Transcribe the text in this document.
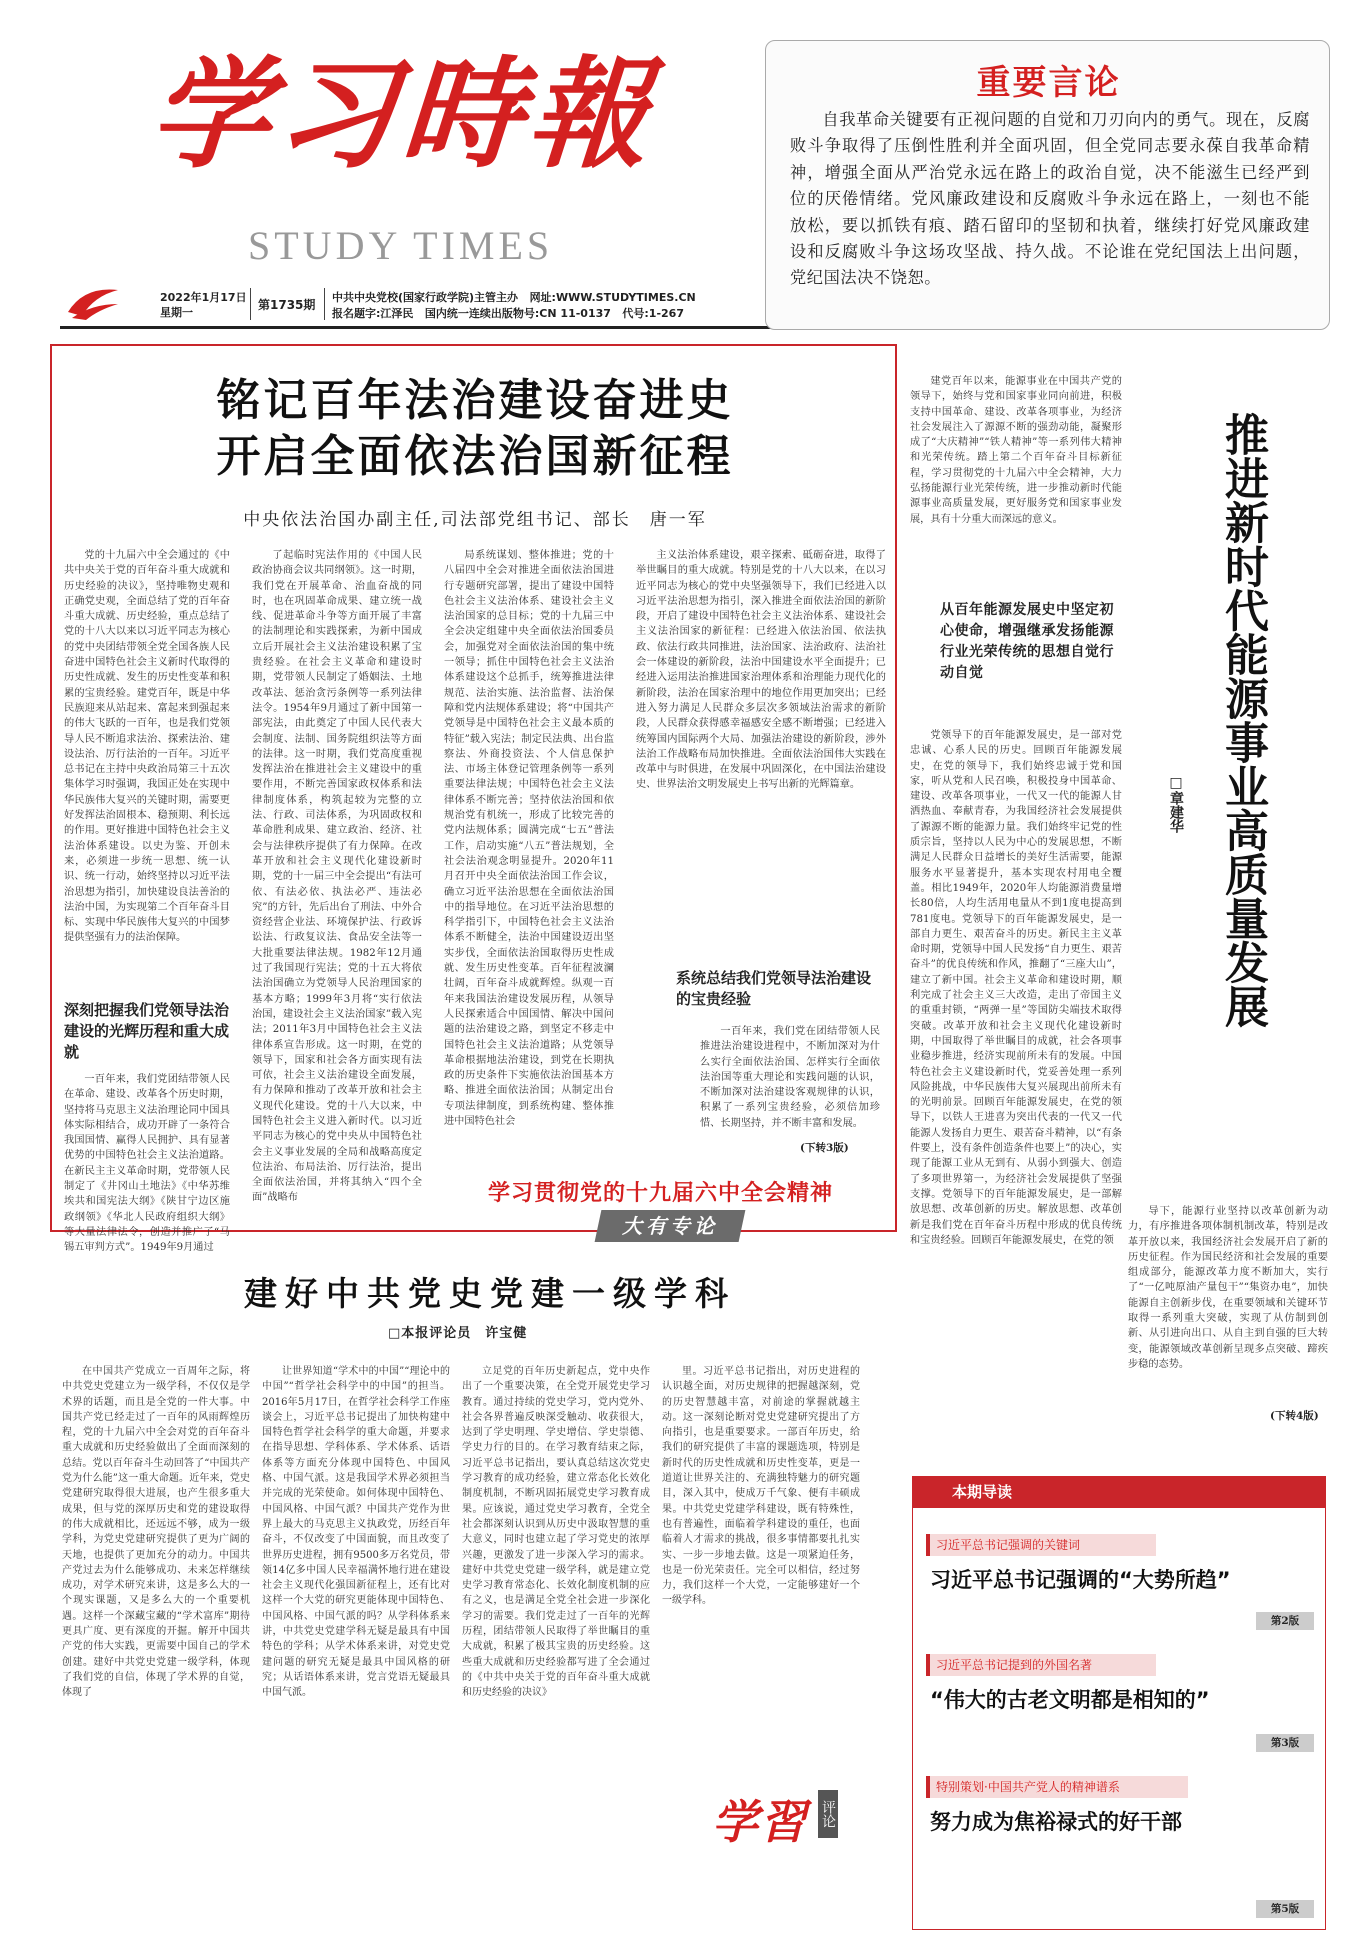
学习時報
STUDY TIMES
2022年1月17日
星期一
第1735期
中共中央党校(国家行政学院)主管主办 网址:WWW.STUDYTIMES.CN
报名题字:江泽民 国内统一连续出版物号:CN 11-0137 代号:1-267
重要言论
自我革命关键要有正视问题的自觉和刀刃向内的勇气。现在，反腐败斗争取得了压倒性胜利并全面巩固，但全党同志要永葆自我革命精神，增强全面从严治党永远在路上的政治自觉，决不能滋生已经严到位的厌倦情绪。党风廉政建设和反腐败斗争永远在路上，一刻也不能放松，要以抓铁有痕、踏石留印的坚韧和执着，继续打好党风廉政建设和反腐败斗争这场攻坚战、持久战。不论谁在党纪国法上出问题，党纪国法决不饶恕。
铭记百年法治建设奋进史
开启全面依法治国新征程
中央依法治国办副主任,司法部党组书记、部长　唐一军
党的十九届六中全会通过的《中共中央关于党的百年奋斗重大成就和历史经验的决议》，坚持唯物史观和正确党史观，全面总结了党的百年奋斗重大成就、历史经验，重点总结了党的十八大以来以习近平同志为核心的党中央团结带领全党全国各族人民奋进中国特色社会主义新时代取得的历史性成就、发生的历史性变革和积累的宝贵经验。建党百年，既是中华民族迎来从站起来、富起来到强起来的伟大飞跃的一百年，也是我们党领导人民不断追求法治、探索法治、建设法治、厉行法治的一百年。习近平总书记在主持中央政治局第三十五次集体学习时强调，我国正处在实现中华民族伟大复兴的关键时期，需要更好发挥法治固根本、稳预期、利长远的作用。更好推进中国特色社会主义法治体系建设。以史为鉴、开创未来，必须进一步统一思想、统一认识、统一行动，始终坚持以习近平法治思想为指引，加快建设良法善治的法治中国，为实现第二个百年奋斗目标、实现中华民族伟大复兴的中国梦提供坚强有力的法治保障。
深刻把握我们党领导法治建设的光辉历程和重大成就
一百年来，我们党团结带领人民在革命、建设、改革各个历史时期，坚持将马克思主义法治理论同中国具体实际相结合，成功开辟了一条符合我国国情、赢得人民拥护、具有显著优势的中国特色社会主义法治道路。在新民主主义革命时期，党带领人民制定了《井冈山土地法》《中华苏维埃共和国宪法大纲》《陕甘宁边区施政纲领》《华北人民政府组织大纲》等大量法律法令，创造并推广了“马锡五审判方式”。1949年9月通过
了起临时宪法作用的《中国人民政治协商会议共同纲领》。这一时期，我们党在开展革命、治血奋战的同时，也在巩固革命成果、建立统一战线、促进革命斗争等方面开展了丰富的法制理论和实践探索，为新中国成立后开展社会主义法治建设积累了宝贵经验。在社会主义革命和建设时期，党带领人民制定了婚姻法、土地改革法、惩治贪污条例等一系列法律法令。1954年9月通过了新中国第一部宪法，由此奠定了中国人民代表大会制度、法制、国务院组织法等方面的法律。这一时期，我们党高度重视发挥法治在推进社会主义建设中的重要作用，不断完善国家政权体系和法律制度体系，构筑起较为完整的立法、行政、司法体系，为巩固政权和革命胜利成果、建立政治、经济、社会与法律秩序提供了有力保障。在改革开放和社会主义现代化建设新时期，党的十一届三中全会提出“有法可依、有法必依、执法必严、违法必究”的方针，先后出台了刑法、中外合资经营企业法、环境保护法、行政诉讼法、行政复议法、食品安全法等一大批重要法律法规。1982年12月通过了我国现行宪法；党的十五大将依法治国确立为党领导人民治理国家的基本方略；1999年3月将“实行依法治国，建设社会主义法治国家”载入宪法；2011年3月中国特色社会主义法律体系宣告形成。这一时期，在党的领导下，国家和社会各方面实现有法可依，社会主义法治建设全面发展，有力保障和推动了改革开放和社会主义现代化建设。党的十八大以来，中国特色社会主义进入新时代。以习近平同志为核心的党中央从中国特色社会主义事业发展的全局和战略高度定位法治、布局法治、厉行法治，提出全面依法治国，并将其纳入“四个全面”战略布
局系统谋划、整体推进；党的十八届四中全会对推进全面依法治国进行专题研究部署，提出了建设中国特色社会主义法治体系、建设社会主义法治国家的总目标；党的十九届三中全会决定组建中央全面依法治国委员会，加强党对全面依法治国的集中统一领导；抓住中国特色社会主义法治体系建设这个总抓手，统筹推进法律规范、法治实施、法治监督、法治保障和党内法规体系建设；将“中国共产党领导是中国特色社会主义最本质的特征”载入宪法；制定民法典、出台监察法、外商投资法、个人信息保护法、市场主体登记管理条例等一系列重要法律法规；中国特色社会主义法律体系不断完善；坚持依法治国和依规治党有机统一，形成了比较完善的党内法规体系；圆满完成“七五”普法工作，启动实施“八五”普法规划，全社会法治观念明显提升。2020年11月召开中央全面依法治国工作会议，确立习近平法治思想在全面依法治国中的指导地位。在习近平法治思想的科学指引下，中国特色社会主义法治体系不断健全，法治中国建设迈出坚实步伐，全面依法治国取得历史性成就、发生历史性变革。百年征程波澜壮阔，百年奋斗成就辉煌。纵观一百年来我国法治建设发展历程，从领导人民探索适合中国国情、解决中国问题的法治建设之路，到坚定不移走中国特色社会主义法治道路；从党领导革命根据地法治建设，到党在长期执政的历史条件下实施依法治国基本方略、推进全面依法治国；从制定出台专项法律制度，到系统构建、整体推进中国特色社会
主义法治体系建设，艰辛探索、砥砺奋进，取得了举世瞩目的重大成就。特别是党的十八大以来，在以习近平同志为核心的党中央坚强领导下，我们已经进入以习近平法治思想为指引，深入推进全面依法治国的新阶段，开启了建设中国特色社会主义法治体系、建设社会主义法治国家的新征程：已经进入依法治国、依法执政、依法行政共同推进，法治国家、法治政府、法治社会一体建设的新阶段，法治中国建设水平全面提升；已经进入运用法治推进国家治理体系和治理能力现代化的新阶段，法治在国家治理中的地位作用更加突出；已经进入努力满足人民群众多层次多领域法治需求的新阶段，人民群众获得感幸福感安全感不断增强；已经进入统筹国内国际两个大局、加强法治建设的新阶段，涉外法治工作战略布局加快推进。全面依法治国伟大实践在改革中与时俱进，在发展中巩固深化，在中国法治建设史、世界法治文明发展史上书写出新的光辉篇章。
系统总结我们党领导法治建设的宝贵经验
一百年来，我们党在团结带领人民推进法治建设进程中，不断加深对为什么实行全面依法治国、怎样实行全面依法治国等重大理论和实践问题的认识，不断加深对法治建设客观规律的认识，积累了一系列宝贵经验，必须倍加珍惜、长期坚持，并不断丰富和发展。
(下转3版)
学习贯彻党的十九届六中全会精神
大有专论
建党百年以来，能源事业在中国共产党的领导下，始终与党和国家事业同向前进，积极支持中国革命、建设、改革各项事业，为经济社会发展注入了源源不断的强劲动能，凝聚形成了“大庆精神”“铁人精神”等一系列伟大精神和光荣传统。踏上第二个百年奋斗目标新征程，学习贯彻党的十九届六中全会精神，大力弘扬能源行业光荣传统，进一步推动新时代能源事业高质量发展，更好服务党和国家事业发展，具有十分重大而深远的意义。
从百年能源发展史中坚定初心使命，增强继承发扬能源行业光荣传统的思想自觉行动自觉
党领导下的百年能源发展史，是一部对党忠诚、心系人民的历史。回顾百年能源发展史，在党的领导下，我们始终忠诚于党和国家，听从党和人民召唤，积极投身中国革命、建设、改革各项事业，一代又一代的能源人甘洒热血、奉献青春，为我国经济社会发展提供了源源不断的能源力量。我们始终牢记党的性质宗旨，坚持以人民为中心的发展思想，不断满足人民群众日益增长的美好生活需要，能源服务水平显著提升，基本实现农村用电全覆盖。相比1949年，2020年人均能源消费量增长80倍，人均生活用电量从不到1度电提高到781度电。党领导下的百年能源发展史，是一部自力更生、艰苦奋斗的历史。新民主主义革命时期，党领导中国人民发扬“自力更生、艰苦奋斗”的优良传统和作风，推翻了“三座大山”，建立了新中国。社会主义革命和建设时期，顺利完成了社会主义三大改造，走出了帝国主义的重重封锁，“两弹一星”等国防尖端技术取得突破。改革开放和社会主义现代化建设新时期，中国取得了举世瞩目的成就，社会各项事业稳步推进，经济实现前所未有的发展。中国特色社会主义建设新时代，党妥善处理一系列风险挑战，中华民族伟大复兴展现出前所未有的光明前景。回顾百年能源发展史，在党的领导下，以铁人王进喜为突出代表的一代又一代能源人发扬自力更生、艰苦奋斗精神，以“有条件要上，没有条件创造条件也要上”的决心，实现了能源工业从无到有、从弱小到强大、创造了多项世界第一，为经济社会发展提供了坚强支撑。党领导下的百年能源发展史，是一部解放思想、改革创新的历史。解放思想、改革创新是我们党在百年奋斗历程中形成的优良传统和宝贵经验。回顾百年能源发展史，在党的领
推进新时代能源事业高质量发展
□章建华
导下，能源行业坚持以改革创新为动力，有序推进各项体制机制改革，特别是改革开放以来，我国经济社会发展开启了新的历史征程。作为国民经济和社会发展的重要组成部分，能源改革力度不断加大，实行了“一亿吨原油产量包干”“集资办电”，加快能源自主创新步伐，在重要领域和关键环节取得一系列重大突破，实现了从仿制到创新、从引进向出口、从自主到自强的巨大转变，能源领域改革创新呈现多点突破、蹄疾步稳的态势。
(下转4版)
建好中共党史党建一级学科
□本报评论员　许宝健
在中国共产党成立一百周年之际，将中共党史党建立为一级学科，不仅仅是学术界的话题，而且是全党的一件大事。中国共产党已经走过了一百年的风雨辉煌历程，党的十九届六中全会对党的百年奋斗重大成就和历史经验做出了全面而深刻的总结。党以百年奋斗生动回答了“中国共产党为什么能”这一重大命题。近年来，党史党建研究取得很大进展，也产生很多重大成果，但与党的深厚历史和党的建设取得的伟大成就相比，还远远不够，成为一级学科，为党史党建研究提供了更为广阔的天地，也提供了更加充分的动力。中国共产党过去为什么能够成功、未来怎样继续成功，对学术研究来讲，这是多么大的一个现实课题，又是多么大的一个重要机遇。这样一个深藏宝藏的“学术富库”期待更具广度、更有深度的开掘。解开中国共产党的伟大实践，更需要中国自己的学术创建。建好中共党史党建一级学科，体现了我们党的自信，体现了学术界的自觉，体现了
让世界知道“学术中的中国”“理论中的中国”“哲学社会科学中的中国”的担当。2016年5月17日，在哲学社会科学工作座谈会上，习近平总书记提出了加快构建中国特色哲学社会科学的重大命题，并要求在指导思想、学科体系、学术体系、话语体系等方面充分体现中国特色、中国风格、中国气派。这是我国学术界必须担当并完成的光荣使命。如何体现中国特色、中国风格、中国气派？中国共产党作为世界上最大的马克思主义执政党，历经百年奋斗，不仅改变了中国面貌，而且改变了世界历史进程，拥有9500多万名党员，带领14亿多中国人民幸福满怀地行进在建设社会主义现代化强国新征程上，还有比对这样一个大党的研究更能体现中国特色、中国风格、中国气派的吗？从学科体系来讲，中共党史党建学科无疑是最具有中国特色的学科；从学术体系来讲，对党史党建问题的研究无疑是最具中国风格的研究；从话语体系来讲，党言党语无疑最具中国气派。
立足党的百年历史新起点，党中央作出了一个重要决策，在全党开展党史学习教育。通过持续的党史学习，党内党外、社会各界普遍反映深受触动、收获很大，达到了学史明理、学史增信、学史崇德、学史力行的目的。在学习教育结束之际，习近平总书记指出，要认真总结这次党史学习教育的成功经验，建立常态化长效化制度机制，不断巩固拓展党史学习教育成果。应该说，通过党史学习教育，全党全社会都深刻认识到从历史中汲取智慧的重大意义，同时也建立起了学习党史的浓厚兴趣，更激发了进一步深入学习的需求。建好中共党史党建一级学科，就是建立党史学习教育常态化、长效化制度机制的应有之义，也是满足全党全社会进一步深化学习的需要。我们党走过了一百年的光辉历程，团结带领人民取得了举世瞩目的重大成就，积累了极其宝贵的历史经验。这些重大成就和历史经验都写进了全会通过的《中共中央关于党的百年奋斗重大成就和历史经验的决议》
里。习近平总书记指出，对历史进程的认识越全面，对历史规律的把握越深刻，党的历史智慧越丰富，对前途的掌握就越主动。这一深刻论断对党史党建研究提出了方向指引，也是重要要求。一部百年历史，给我们的研究提供了丰富的课题选项，特别是新时代的历史性成就和历史性变革，更是一道道让世界关注的、充满独特魅力的研究题目，深入其中，使成万千气象、便有丰硕成果。中共党史党建学科建设，既有特殊性，也有普遍性，面临着学科建设的重任，也面临着人才需求的挑战，很多事情都要扎扎实实、一步一步地去做。这是一项紧迫任务，也是一份光荣责任。完全可以相信，经过努力，我们这样一个大党，一定能够建好一个一级学科。
学習 评论
本期导读
习近平总书记强调的关键词
习近平总书记强调的“大势所趋”
第2版
习近平总书记提到的外国名著
“伟大的古老文明都是相知的”
第3版
特别策划·中国共产党人的精神谱系
努力成为焦裕禄式的好干部
第5版
